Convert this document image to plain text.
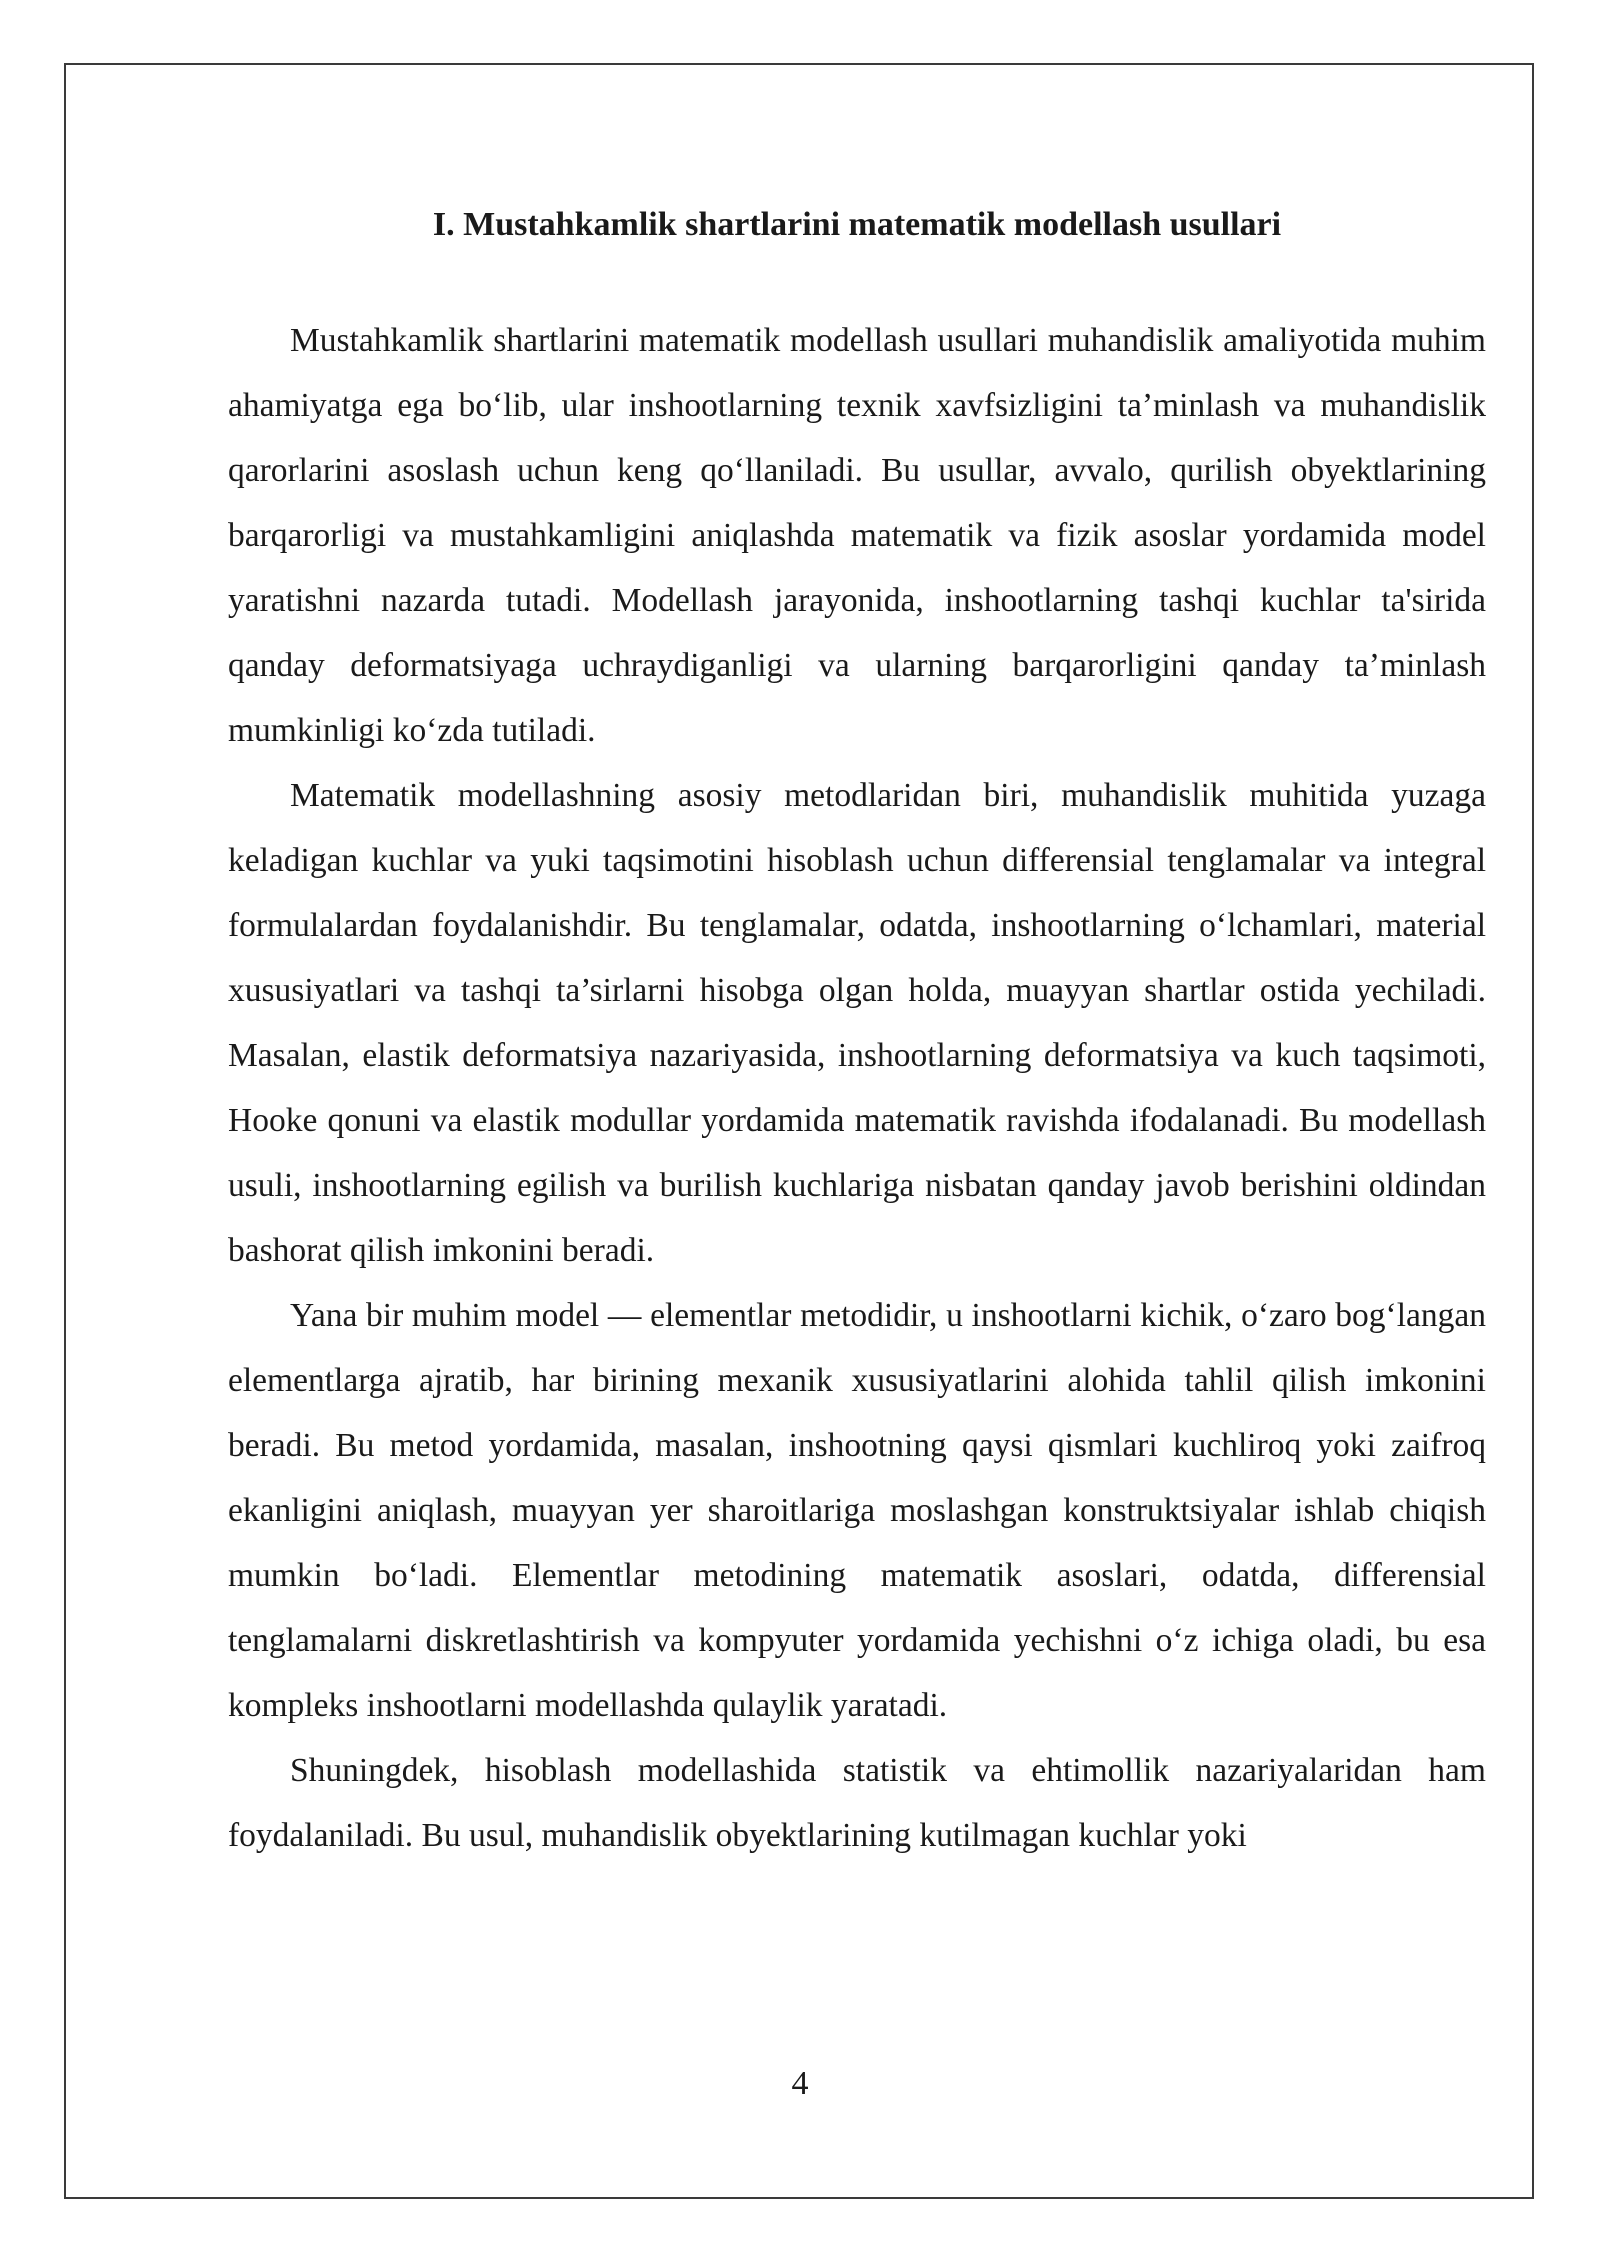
I. Mustahkamlik shartlarini matematik modellash usullari

Mustahkamlik shartlarini matematik modellash usullari muhandislik amaliyotida muhim ahamiyatga ega bo‘lib, ular inshootlarning texnik xavfsizligini ta’minlash va muhandislik qarorlarini asoslash uchun keng qo‘llaniladi. Bu usullar, avvalo, qurilish obyektlarining barqarorligi va mustahkamligini aniqlashda matematik va fizik asoslar yordamida model yaratishni nazarda tutadi. Modellash jarayonida, inshootlarning tashqi kuchlar ta'sirida qanday deformatsiyaga uchraydiganligi va ularning barqarorligini qanday ta’minlash mumkinligi ko‘zda tutiladi.

Matematik modellashning asosiy metodlaridan biri, muhandislik muhitida yuzaga keladigan kuchlar va yuki taqsimotini hisoblash uchun differensial tenglamalar va integral formulalardan foydalanishdir. Bu tenglamalar, odatda, inshootlarning o‘lchamlari, material xususiyatlari va tashqi ta’sirlarni hisobga olgan holda, muayyan shartlar ostida yechiladi. Masalan, elastik deformatsiya nazariyasida, inshootlarning deformatsiya va kuch taqsimoti, Hooke qonuni va elastik modullar yordamida matematik ravishda ifodalanadi. Bu modellash usuli, inshootlarning egilish va burilish kuchlariga nisbatan qanday javob berishini oldindan bashorat qilish imkonini beradi.

Yana bir muhim model — elementlar metodidir, u inshootlarni kichik, o‘zaro bog‘langan elementlarga ajratib, har birining mexanik xususiyatlarini alohida tahlil qilish imkonini beradi. Bu metod yordamida, masalan, inshootning qaysi qismlari kuchliroq yoki zaifroq ekanligini aniqlash, muayyan yer sharoitlariga moslashgan konstruktsiyalar ishlab chiqish mumkin bo‘ladi. Elementlar metodining matematik asoslari, odatda, differensial tenglamalarni diskretlashtirish va kompyuter yordamida yechishni o‘z ichiga oladi, bu esa kompleks inshootlarni modellashda qulaylik yaratadi.

Shuningdek, hisoblash modellashida statistik va ehtimollik nazariyalaridan ham foydalaniladi. Bu usul, muhandislik obyektlarining kutilmagan kuchlar yoki

4
